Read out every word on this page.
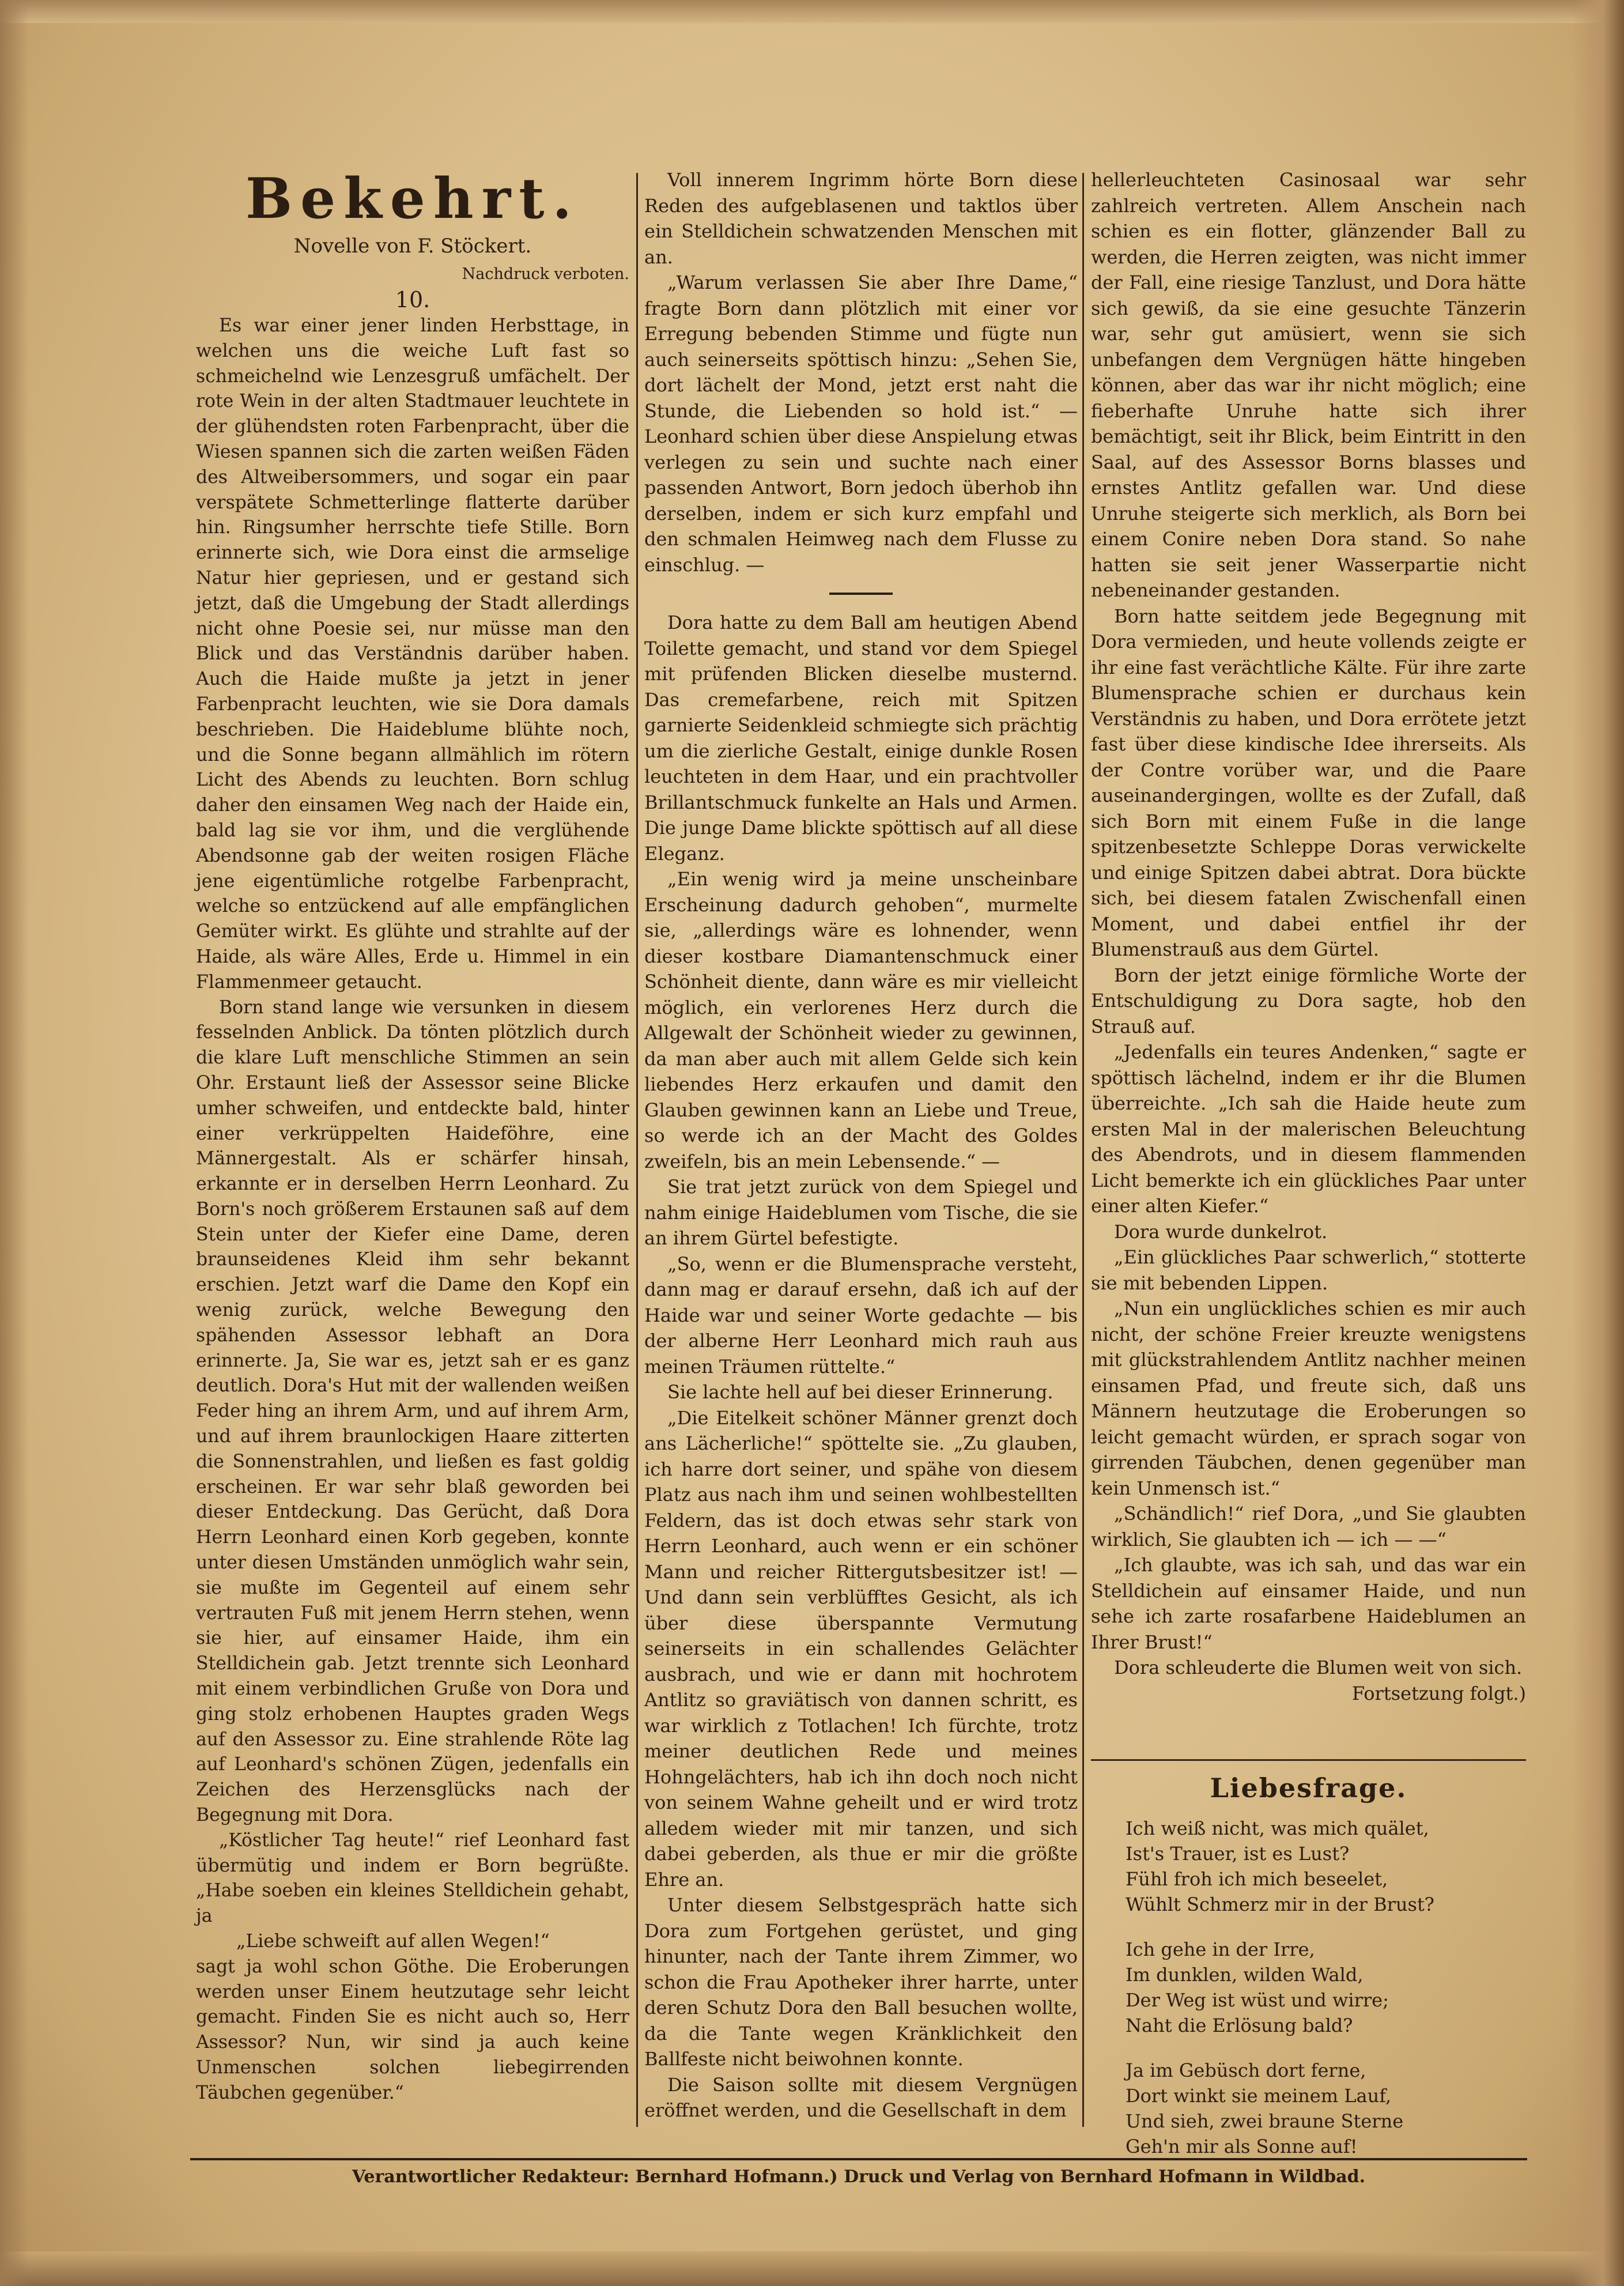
Bekehrt.
Novelle von F. Stöckert.
Nachdruck verboten.
10.

Es war einer jener linden Herbsttage, in welchen uns die weiche Luft fast so schmeichelnd wie Lenzesgruß umfächelt. Der rote Wein in der alten Stadtmauer leuchtete in der glühendsten roten Farbenpracht, über die Wiesen spannen sich die zarten weißen Fäden des Altweibersommers, und sogar ein paar verspätete Schmetterlinge flatterte darüber hin. Ringsumher herrschte tiefe Stille. Born erinnerte sich, wie Dora einst die armselige Natur hier gepriesen, und er gestand sich jetzt, daß die Umgebung der Stadt allerdings nicht ohne Poesie sei, nur müsse man den Blick und das Verständnis darüber haben. Auch die Haide mußte ja jetzt in jener Farbenpracht leuchten, wie sie Dora damals beschrieben. Die Haideblume blühte noch, und die Sonne begann allmählich im rötern Licht des Abends zu leuchten. Born schlug daher den einsamen Weg nach der Haide ein, bald lag sie vor ihm, und die verglühende Abendsonne gab der weiten rosigen Fläche jene eigentümliche rotgelbe Farbenpracht, welche so entzückend auf alle empfänglichen Gemüter wirkt. Es glühte und strahlte auf der Haide, als wäre Alles, Erde u. Himmel in ein Flammenmeer getaucht.

Born stand lange wie versunken in diesem fesselnden Anblick. Da tönten plötzlich durch die klare Luft menschliche Stimmen an sein Ohr. Erstaunt ließ der Assessor seine Blicke umher schweifen, und entdeckte bald, hinter einer verkrüppelten Haideföhre, eine Männergestalt. Als er schärfer hinsah, erkannte er in derselben Herrn Leonhard. Zu Born's noch größerem Erstaunen saß auf dem Stein unter der Kiefer eine Dame, deren braunseidenes Kleid ihm sehr bekannt erschien. Jetzt warf die Dame den Kopf ein wenig zurück, welche Bewegung den spähenden Assessor lebhaft an Dora erinnerte. Ja, Sie war es, jetzt sah er es ganz deutlich. Dora's Hut mit der wallenden weißen Feder hing an ihrem Arm, und auf ihrem Arm, und auf ihrem braunlockigen Haare zitterten die Sonnenstrahlen, und ließen es fast goldig erscheinen. Er war sehr blaß geworden bei dieser Entdeckung. Das Gerücht, daß Dora Herrn Leonhard einen Korb gegeben, konnte unter diesen Umständen unmöglich wahr sein, sie mußte im Gegenteil auf einem sehr vertrauten Fuß mit jenem Herrn stehen, wenn sie hier, auf einsamer Haide, ihm ein Stelldichein gab. Jetzt trennte sich Leonhard mit einem verbindlichen Gruße von Dora und ging stolz erhobenen Hauptes graden Wegs auf den Assessor zu. Eine strahlende Röte lag auf Leonhard's schönen Zügen, jedenfalls ein Zeichen des Herzensglücks nach der Begegnung mit Dora.

„Köstlicher Tag heute!“ rief Leonhard fast übermütig und indem er Born begrüßte. „Habe soeben ein kleines Stelldichein gehabt, ja

„Liebe schweift auf allen Wegen!“

sagt ja wohl schon Göthe. Die Eroberungen werden unser Einem heutzutage sehr leicht gemacht. Finden Sie es nicht auch so, Herr Assessor? Nun, wir sind ja auch keine Unmenschen solchen liebegirrenden Täubchen gegenüber.“

Voll innerem Ingrimm hörte Born diese Reden des aufgeblasenen und taktlos über ein Stelldichein schwatzenden Menschen mit an.

„Warum verlassen Sie aber Ihre Dame,“ fragte Born dann plötzlich mit einer vor Erregung bebenden Stimme und fügte nun auch seinerseits spöttisch hinzu: „Sehen Sie, dort lächelt der Mond, jetzt erst naht die Stunde, die Liebenden so hold ist.“ — Leonhard schien über diese Anspielung etwas verlegen zu sein und suchte nach einer passenden Antwort, Born jedoch überhob ihn derselben, indem er sich kurz empfahl und den schmalen Heimweg nach dem Flusse zu einschlug. —

Dora hatte zu dem Ball am heutigen Abend Toilette gemacht, und stand vor dem Spiegel mit prüfenden Blicken dieselbe musternd. Das cremefarbene, reich mit Spitzen garnierte Seidenkleid schmiegte sich prächtig um die zierliche Gestalt, einige dunkle Rosen leuchteten in dem Haar, und ein prachtvoller Brillantschmuck funkelte an Hals und Armen. Die junge Dame blickte spöttisch auf all diese Eleganz.

„Ein wenig wird ja meine unscheinbare Erscheinung dadurch gehoben“, murmelte sie, „allerdings wäre es lohnender, wenn dieser kostbare Diamantenschmuck einer Schönheit diente, dann wäre es mir vielleicht möglich, ein verlorenes Herz durch die Allgewalt der Schönheit wieder zu gewinnen, da man aber auch mit allem Gelde sich kein liebendes Herz erkaufen und damit den Glauben gewinnen kann an Liebe und Treue, so werde ich an der Macht des Goldes zweifeln, bis an mein Lebensende.“ —

Sie trat jetzt zurück von dem Spiegel und nahm einige Haideblumen vom Tische, die sie an ihrem Gürtel befestigte.

„So, wenn er die Blumensprache versteht, dann mag er darauf ersehn, daß ich auf der Haide war und seiner Worte gedachte — bis der alberne Herr Leonhard mich rauh aus meinen Träumen rüttelte.“

Sie lachte hell auf bei dieser Erinnerung.

„Die Eitelkeit schöner Männer grenzt doch ans Lächerliche!“ spöttelte sie. „Zu glauben, ich harre dort seiner, und spähe von diesem Platz aus nach ihm und seinen wohlbestellten Feldern, das ist doch etwas sehr stark von Herrn Leonhard, auch wenn er ein schöner Mann und reicher Rittergutsbesitzer ist! — Und dann sein verblüfftes Gesicht, als ich über diese überspannte Vermutung seinerseits in ein schallendes Gelächter ausbrach, und wie er dann mit hochrotem Antlitz so graviätisch von dannen schritt, es war wirklich z Totlachen! Ich fürchte, trotz meiner deutlichen Rede und meines Hohngelächters, hab ich ihn doch noch nicht von seinem Wahne geheilt und er wird trotz alledem wieder mit mir tanzen, und sich dabei geberden, als thue er mir die größte Ehre an.

Unter diesem Selbstgespräch hatte sich Dora zum Fortgehen gerüstet, und ging hinunter, nach der Tante ihrem Zimmer, wo schon die Frau Apotheker ihrer harrte, unter deren Schutz Dora den Ball besuchen wollte, da die Tante wegen Kränklichkeit den Ballfeste nicht beiwohnen konnte.

Die Saison sollte mit diesem Vergnügen eröffnet werden, und die Gesellschaft in dem

hellerleuchteten Casinosaal war sehr zahlreich vertreten. Allem Anschein nach schien es ein flotter, glänzender Ball zu werden, die Herren zeigten, was nicht immer der Fall, eine riesige Tanzlust, und Dora hätte sich gewiß, da sie eine gesuchte Tänzerin war, sehr gut amüsiert, wenn sie sich unbefangen dem Vergnügen hätte hingeben können, aber das war ihr nicht möglich; eine fieberhafte Unruhe hatte sich ihrer bemächtigt, seit ihr Blick, beim Eintritt in den Saal, auf des Assessor Borns blasses und ernstes Antlitz gefallen war. Und diese Unruhe steigerte sich merklich, als Born bei einem Conire neben Dora stand. So nahe hatten sie seit jener Wasserpartie nicht nebeneinander gestanden.

Born hatte seitdem jede Begegnung mit Dora vermieden, und heute vollends zeigte er ihr eine fast verächtliche Kälte. Für ihre zarte Blumensprache schien er durchaus kein Verständnis zu haben, und Dora errötete jetzt fast über diese kindische Idee ihrerseits. Als der Contre vorüber war, und die Paare auseinandergingen, wollte es der Zufall, daß sich Born mit einem Fuße in die lange spitzenbesetzte Schleppe Doras verwickelte und einige Spitzen dabei abtrat. Dora bückte sich, bei diesem fatalen Zwischenfall einen Moment, und dabei entfiel ihr der Blumenstrauß aus dem Gürtel.

Born der jetzt einige förmliche Worte der Entschuldigung zu Dora sagte, hob den Strauß auf.

„Jedenfalls ein teures Andenken,“ sagte er spöttisch lächelnd, indem er ihr die Blumen überreichte. „Ich sah die Haide heute zum ersten Mal in der malerischen Beleuchtung des Abendrots, und in diesem flammenden Licht bemerkte ich ein glückliches Paar unter einer alten Kiefer.“

Dora wurde dunkelrot.

„Ein glückliches Paar schwerlich,“ stotterte sie mit bebenden Lippen.

„Nun ein unglückliches schien es mir auch nicht, der schöne Freier kreuzte wenigstens mit glückstrahlendem Antlitz nachher meinen einsamen Pfad, und freute sich, daß uns Männern heutzutage die Eroberungen so leicht gemacht würden, er sprach sogar von girrenden Täubchen, denen gegenüber man kein Unmensch ist.“

„Schändlich!“ rief Dora, „und Sie glaubten wirklich, Sie glaubten ich — ich — —“

„Ich glaubte, was ich sah, und das war ein Stelldichein auf einsamer Haide, und nun sehe ich zarte rosafarbene Haideblumen an Ihrer Brust!“

Dora schleuderte die Blumen weit von sich.

Fortsetzung folgt.)

Liebesfrage.
Ich weiß nicht, was mich quälet,
Ist's Trauer, ist es Lust?
Fühl froh ich mich beseelet,
Wühlt Schmerz mir in der Brust?
Ich gehe in der Irre,
Im dunklen, wilden Wald,
Der Weg ist wüst und wirre;
Naht die Erlösung bald?
Ja im Gebüsch dort ferne,
Dort winkt sie meinem Lauf,
Und sieh, zwei braune Sterne
Geh'n mir als Sonne auf!
Verantwortlicher Redakteur: Bernhard Hofmann.) Druck und Verlag von Bernhard Hofmann in Wildbad.
